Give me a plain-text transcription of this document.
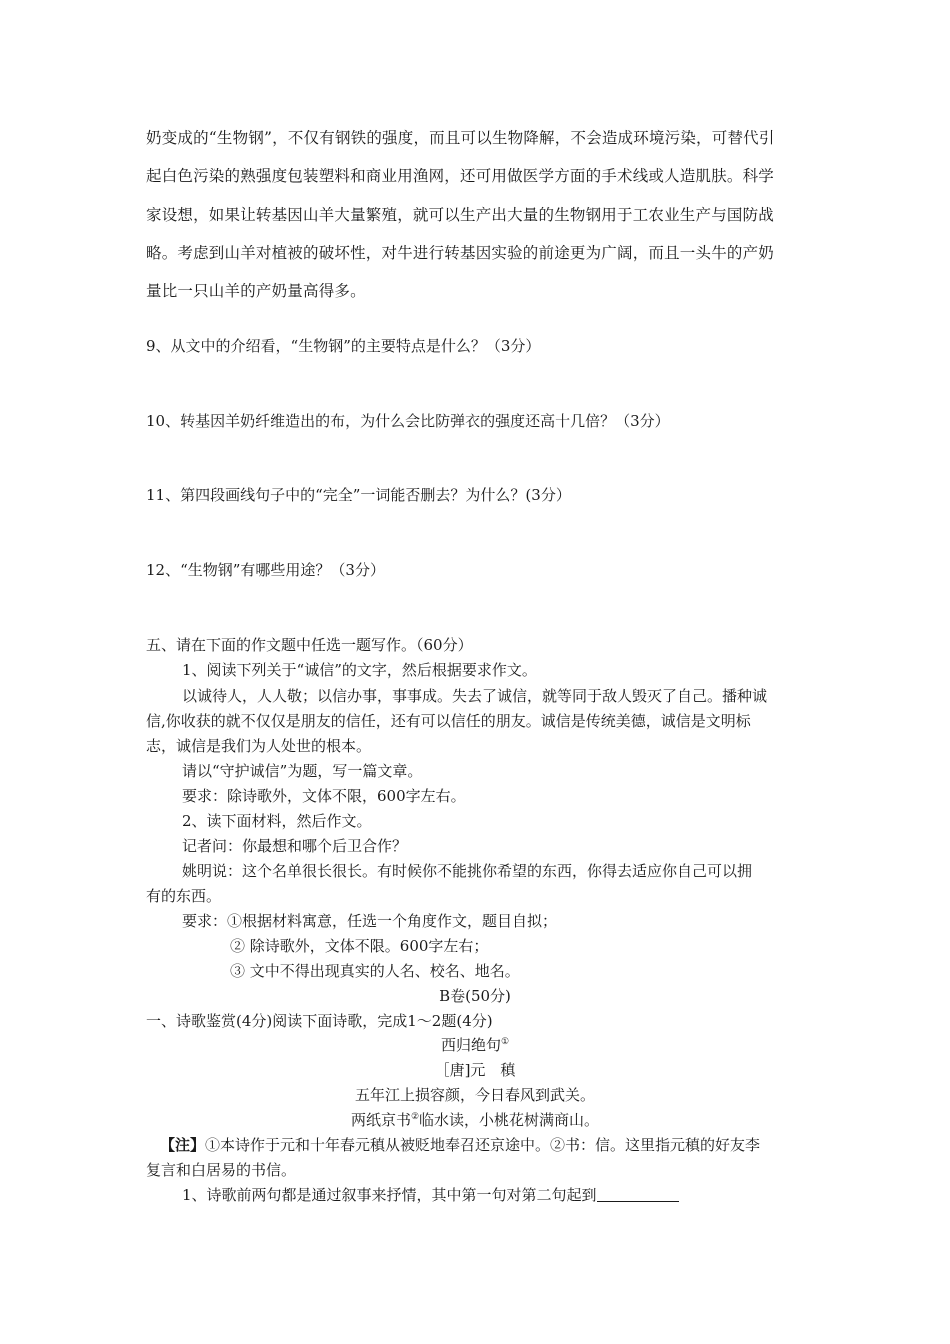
奶变成的“生物钢”，不仅有钢铁的强度，而且可以生物降解，不会造成环境污染，可替代引
起白色污染的熟强度包装塑料和商业用渔网，还可用做医学方面的手术线或人造肌肤。科学
家设想，如果让转基因山羊大量繁殖，就可以生产出大量的生物钢用于工农业生产与国防战
略。考虑到山羊对植被的破坏性，对牛进行转基因实验的前途更为广阔，而且一头牛的产奶
量比一只山羊的产奶量高得多。
9、从文中的介绍看，“生物钢”的主要特点是什么？（3分）
10、转基因羊奶纤维造出的布，为什么会比防弹衣的强度还高十几倍？（3分）
11、第四段画线句子中的“完全”一词能否删去？为什么？(3分）
12、“生物钢”有哪些用途？（3分）
五、请在下面的作文题中任选一题写作。（60分）
1、阅读下列关于“诚信”的文字，然后根据要求作文。
以诚待人，人人敬；以信办事，事事成。失去了诚信，就等同于敌人毁灭了自己。播种诚
信,你收获的就不仅仅是朋友的信任，还有可以信任的朋友。诚信是传统美德，诚信是文明标
志，诚信是我们为人处世的根本。
请以“守护诚信”为题，写一篇文章。
要求：除诗歌外，文体不限，600字左右。
2、读下面材料，然后作文。
记者问：你最想和哪个后卫合作？
姚明说：这个名单很长很长。有时候你不能挑你希望的东西，你得去适应你自己可以拥
有的东西。
要求：①根据材料寓意，任选一个角度作文，题目自拟；
② 除诗歌外，文体不限。600字左右；
③ 文中不得出现真实的人名、校名、地名。
B卷(50分)
一、诗歌鉴赏(4分)阅读下面诗歌，完成1～2题(4分)
西归绝句①
［唐]元　稹
五年江上损容颜，今日春风到武关。
两纸京书②临水读，小桃花树满商山。
【注】①本诗作于元和十年春元稹从被贬地奉召还京途中。②书：信。这里指元稹的好友李
复言和白居易的书信。
1、诗歌前两句都是通过叙事来抒情，其中第一句对第二句起到
